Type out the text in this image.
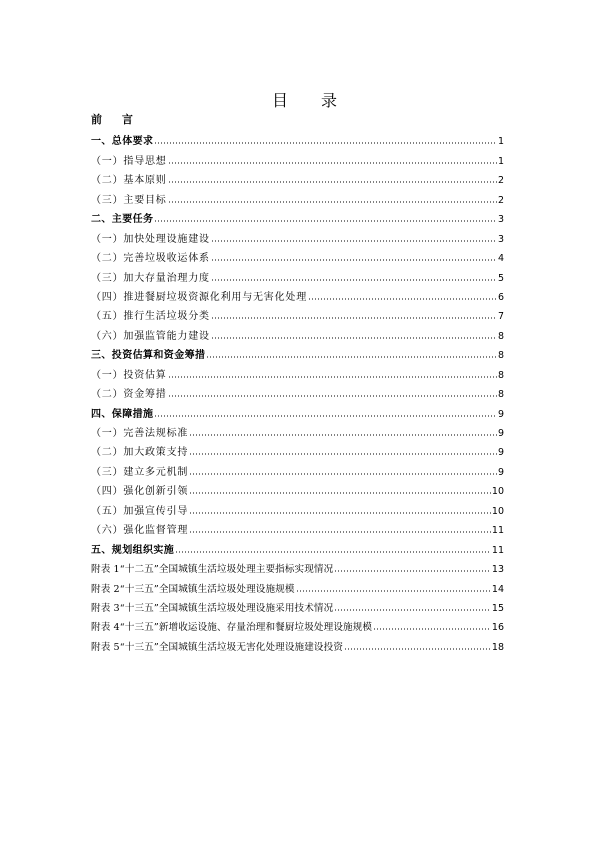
目 录
前 言
一、总体要求	1
（一）指导思想	1
（二）基本原则	2
（三）主要目标	2
二、主要任务	3
（一）加快处理设施建设	3
（二）完善垃圾收运体系	4
（三）加大存量治理力度	5
（四）推进餐厨垃圾资源化利用与无害化处理	6
（五）推行生活垃圾分类	7
（六）加强监管能力建设	8
三、投资估算和资金筹措	8
（一）投资估算	8
（二）资金筹措	8
四、保障措施	9
（一）完善法规标准	9
（二）加大政策支持	9
（三）建立多元机制	9
（四）强化创新引领	10
（五）加强宣传引导	10
（六）强化监督管理	11
五、规划组织实施	11
附表 1“十二五”全国城镇生活垃圾处理主要指标实现情况	13
附表 2“十三五”全国城镇生活垃圾处理设施规模	14
附表 3“十三五”全国城镇生活垃圾处理设施采用技术情况	15
附表 4“十三五”新增收运设施、存量治理和餐厨垃圾处理设施规模	16
附表 5“十三五”全国城镇生活垃圾无害化处理设施建设投资	18
